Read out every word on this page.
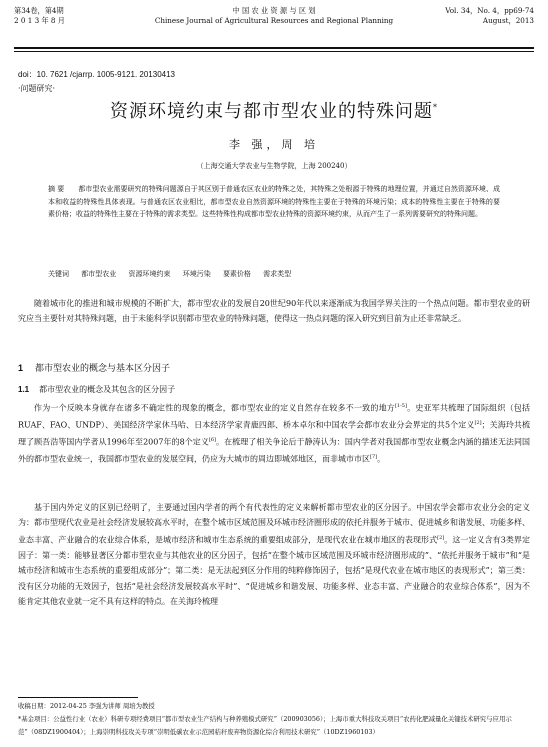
第34卷，第4期
2 0 1 3 年 8 月
中 国 农 业 资 源 与 区 划
Chinese Journal of Agricultural Resources and Regional Planning
Vol. 34，No. 4，pp69-74
August，2013
doi：10. 7621 /cjarrp. 1005-9121. 20130413
·问题研究·
资源环境约束与都市型农业的特殊问题*
李 强，周 培
（上海交通大学农业与生物学院，上海 200240）
摘 要 都市型农业需要研究的特殊问题源自于其区别于普通农区农业的特殊之处，其特殊之处根源于特殊的地理位置，并通过自然资源环境、成本和收益的特殊性具体表现。与普通农区农业相比，都市型农业自然资源环境的特殊性主要在于特殊的环境污染；成本的特殊性主要在于特殊的要素价格；收益的特殊性主要在于特殊的需求类型。这些特殊性构成都市型农业特殊的资源环境约束，从而产生了一系列需要研究的特殊问题。
关键词 都市型农业 资源环境约束 环境污染 要素价格 需求类型
随着城市化的推进和城市规模的不断扩大，都市型农业的发展自20世纪90年代以来逐渐成为我国学界关注的一个热点问题。都市型农业的研究应当主要针对其特殊问题，由于未能科学识别都市型农业的特殊问题，使得这一热点问题的深入研究到目前为止还非常缺乏。
1 都市型农业的概念与基本区分因子
1.1 都市型农业的概念及其包含的区分因子
作为一个反映本身就存在诸多不确定性的现象的概念，都市型农业的定义自然存在较多不一致的地方[1-5]。史亚军共梳理了国际组织（包括RUAF、FAO、UNDP）、美国经济学家休马哈、日本经济学家青鹿四郎、桥本卓尔和中国农学会都市农业分会界定的共5个定义[2]；关海玲共梳理了顾吾浩等国内学者从1996年至2007年的8个定义[6]。在梳理了相关争论后于静涛认为：国内学者对我国都市型农业概念内涵的描述无法同国外的都市型农业统一，我国都市型农业的发展空间，仍应为大城市的周边即城郊地区，而非城市市区[7]。
基于国内外定义的区别已经明了，主要通过国内学者的两个有代表性的定义来解析都市型农业的区分因子。中国农学会都市农业分会的定义为：都市型现代农业是社会经济发展较高水平时，在整个城市区域范围及环城市经济圈形成的依托并服务于城市、促进城乡和谐发展、功能多样、业态丰富、产业融合的农业综合体系，是城市经济和城市生态系统的重要组成部分，是现代农业在城市地区的表现形式[2]。这一定义含有3类界定因子：第一类：能够显著区分都市型农业与其他农业的区分因子，包括“在整个城市区域范围及环城市经济圈形成的”、“依托并服务于城市”和“是城市经济和城市生态系统的重要组成部分”；第二类：是无法起到区分作用的纯粹修饰因子，包括“是现代农业在城市地区的表现形式”；第三类：没有区分功能的无效因子，包括“是社会经济发展较高水平时”、“促进城乡和谐发展、功能多样、业态丰富、产业融合的农业综合体系”，因为不能肯定其他农业就一定不具有这样的特点。在关海玲梳理
收稿日期：2012-04-25 李强为讲师 周培为教授
*基金项目：公益性行业（农业）科研专项经费项目“都市型农业生产结构与种养殖模式研究”（200903056）；上海市重大科技攻关项目“农药化肥减量化关键技术研究与应用示范”（08DZ1900404）；上海崇明科技攻关专项“崇明低碳农业示范园秸秆废弃物资源化综合利用技术研究”（10DZ1960103）
